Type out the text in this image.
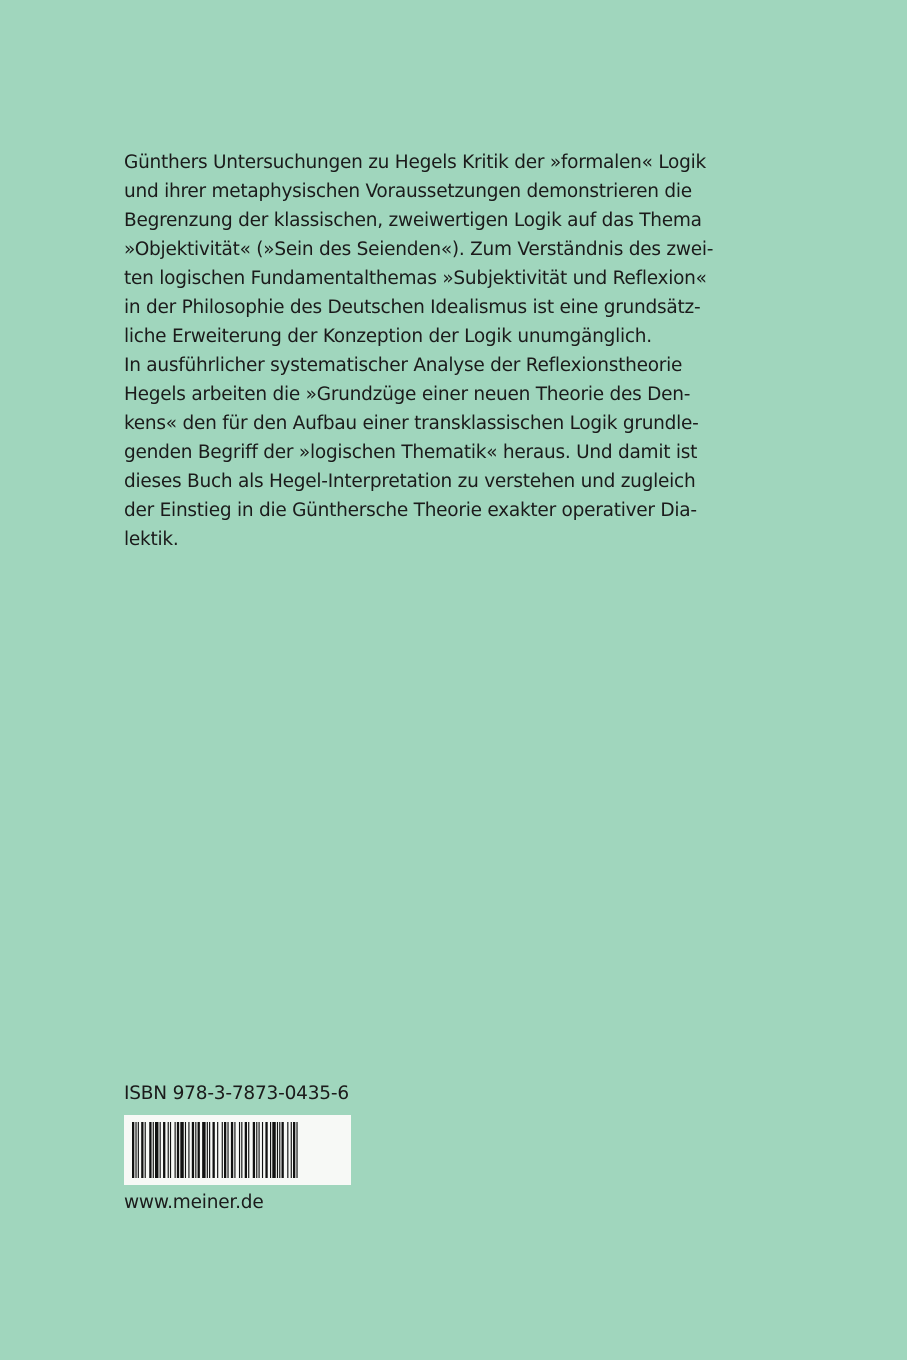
Günthers Untersuchungen zu Hegels Kritik der »formalen« Logik
und ihrer metaphysischen Voraussetzungen demonstrieren die
Begrenzung der klassischen, zweiwertigen Logik auf das Thema
»Objektivität« (»Sein des Seienden«). Zum Verständnis des zwei-
ten logischen Fundamentalthemas »Subjektivität und Reflexion«
in der Philosophie des Deutschen Idealismus ist eine grundsätz-
liche Erweiterung der Konzeption der Logik unumgänglich.
In ausführlicher systematischer Analyse der Reflexionstheorie
Hegels arbeiten die »Grundzüge einer neuen Theorie des Den-
kens« den für den Aufbau einer transklassischen Logik grundle-
genden Begriff der »logischen Thematik« heraus. Und damit ist
dieses Buch als Hegel-Interpretation zu verstehen und zugleich
der Einstieg in die Günthersche Theorie exakter operativer Dia-
lektik.
ISBN 978-3-7873-0435-6
www.meiner.de
